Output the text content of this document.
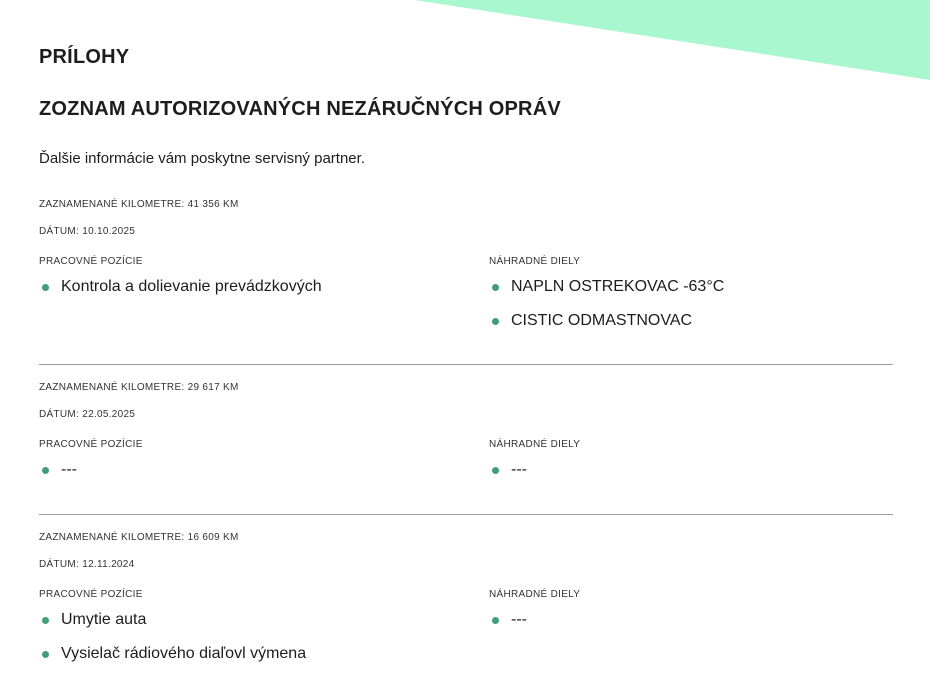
PRÍLOHY
ZOZNAM AUTORIZOVANÝCH NEZÁRUČNÝCH OPRÁV

Ďalšie informácie vám poskytne servisný partner.

ZAZNAMENANÉ KILOMETRE: 41 356 KM
DÁTUM: 10.10.2025
PRACOVNÉ POZÍCIE
Kontrola a dolievanie prevádzkových
NÁHRADNÉ DIELY
NAPLN OSTREKOVAC -63°C
CISTIC ODMASTNOVAC
ZAZNAMENANÉ KILOMETRE: 29 617 KM
DÁTUM: 22.05.2025
PRACOVNÉ POZÍCIE
---
NÁHRADNÉ DIELY
---
ZAZNAMENANÉ KILOMETRE: 16 609 KM
DÁTUM: 12.11.2024
PRACOVNÉ POZÍCIE
Umytie auta
Vysielač rádiového diaľovl výmena
NÁHRADNÉ DIELY
---
